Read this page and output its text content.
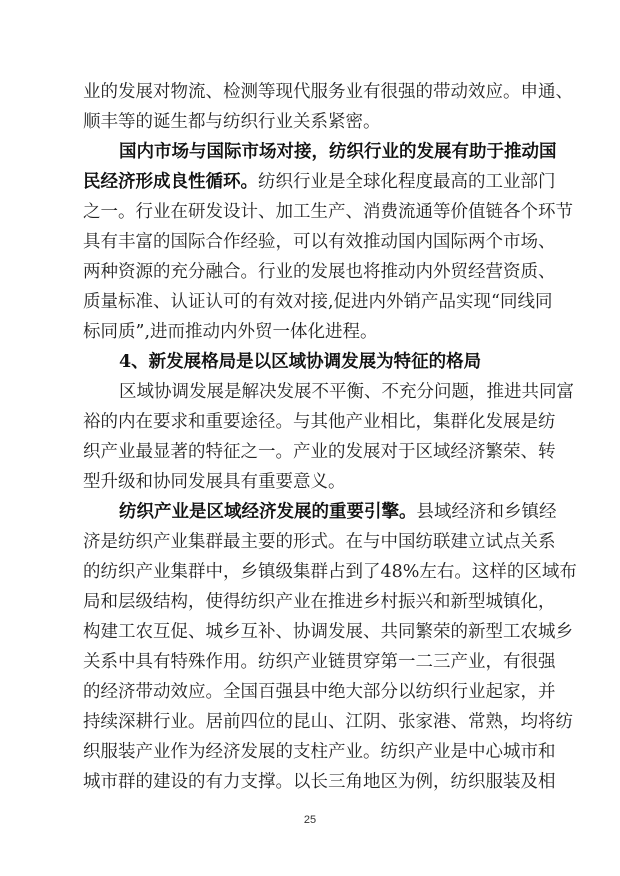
业的发展对物流、检测等现代服务业有很强的带动效应。申通、
顺丰等的诞生都与纺织行业关系紧密。
国内市场与国际市场对接，纺织行业的发展有助于推动国
民经济形成良性循环。纺织行业是全球化程度最高的工业部门
之一。行业在研发设计、加工生产、消费流通等价值链各个环节
具有丰富的国际合作经验，可以有效推动国内国际两个市场、
两种资源的充分融合。行业的发展也将推动内外贸经营资质、
质量标准、认证认可的有效对接,促进内外销产品实现“同线同
标同质”,进而推动内外贸一体化进程。
4、新发展格局是以区域协调发展为特征的格局
区域协调发展是解决发展不平衡、不充分问题，推进共同富
裕的内在要求和重要途径。与其他产业相比，集群化发展是纺
织产业最显著的特征之一。产业的发展对于区域经济繁荣、转
型升级和协同发展具有重要意义。
纺织产业是区域经济发展的重要引擎。县域经济和乡镇经
济是纺织产业集群最主要的形式。在与中国纺联建立试点关系
的纺织产业集群中，乡镇级集群占到了48%左右。这样的区域布
局和层级结构，使得纺织产业在推进乡村振兴和新型城镇化，
构建工农互促、城乡互补、协调发展、共同繁荣的新型工农城乡
关系中具有特殊作用。纺织产业链贯穿第一二三产业，有很强
的经济带动效应。全国百强县中绝大部分以纺织行业起家，并
持续深耕行业。居前四位的昆山、江阴、张家港、常熟，均将纺
织服装产业作为经济发展的支柱产业。纺织产业是中心城市和
城市群的建设的有力支撑。以长三角地区为例，纺织服装及相
25
